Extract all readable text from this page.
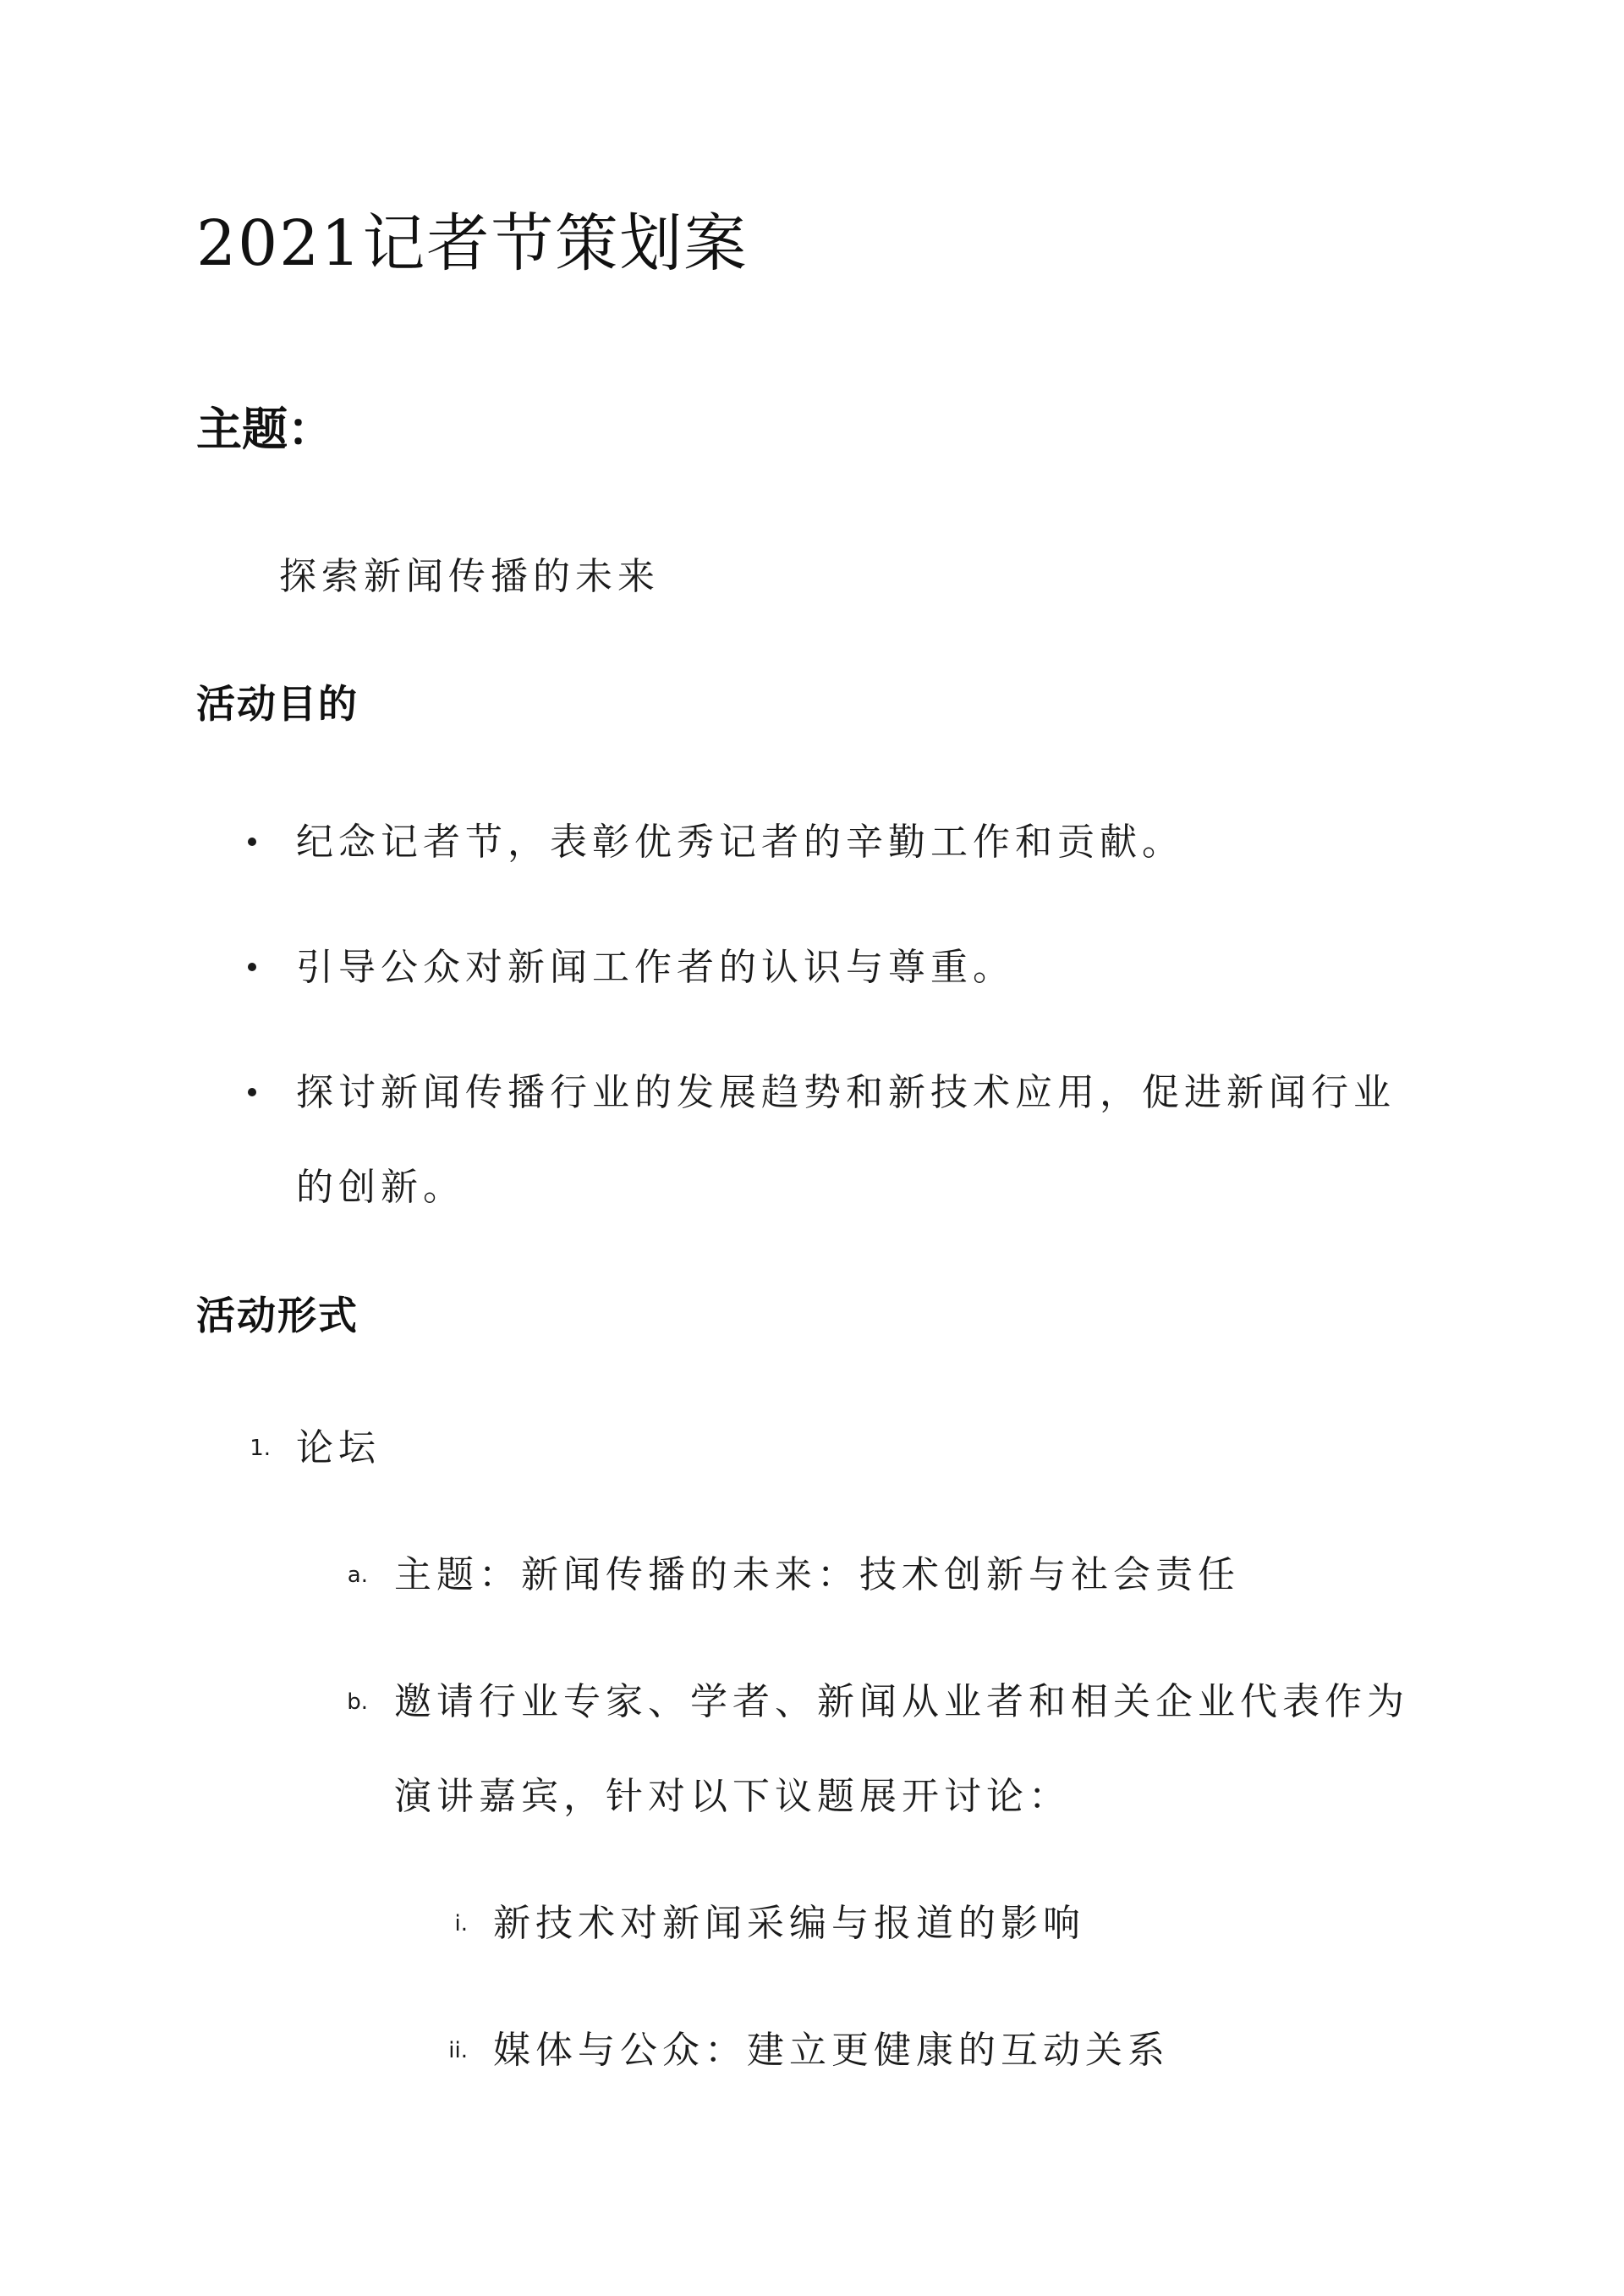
2021记者节策划案
主题：
探索新闻传播的未来
活动目的
纪念记者节，表彰优秀记者的辛勤工作和贡献。
引导公众对新闻工作者的认识与尊重。
探讨新闻传播行业的发展趋势和新技术应用，促进新闻行业
的创新。
活动形式
1. 论坛
a. 主题：新闻传播的未来：技术创新与社会责任
b. 邀请行业专家、学者、新闻从业者和相关企业代表作为
演讲嘉宾，针对以下议题展开讨论：
i. 新技术对新闻采编与报道的影响
ii. 媒体与公众：建立更健康的互动关系
